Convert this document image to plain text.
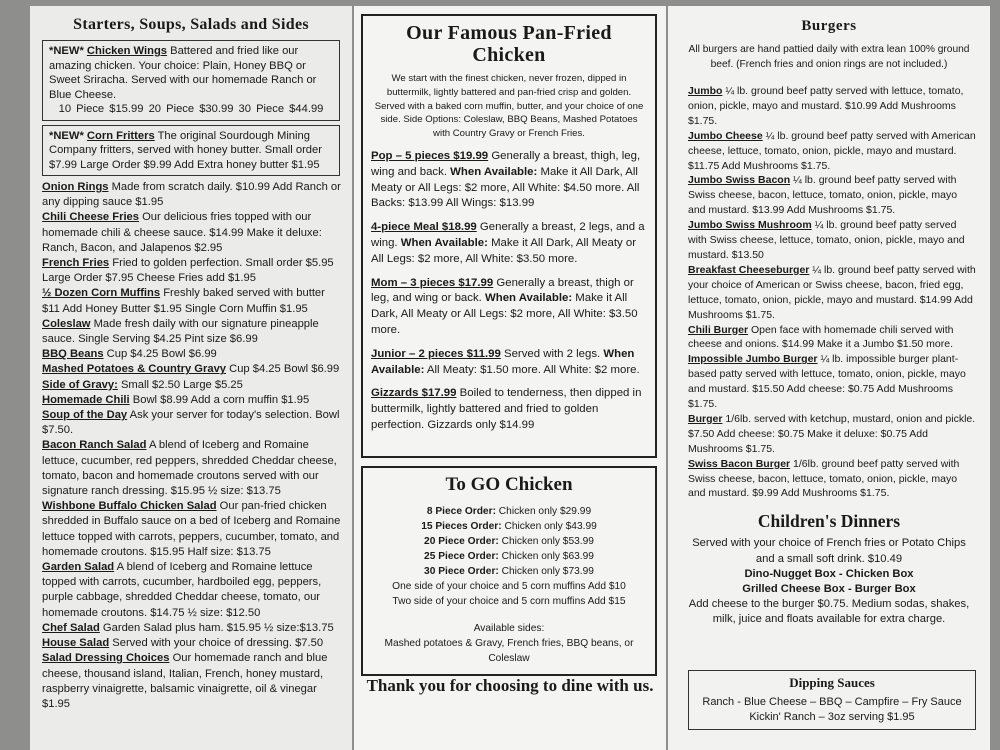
Starters, Soups, Salads and Sides
*NEW* Chicken Wings Battered and fried like our amazing chicken. Your choice: Plain, Honey BBQ or Sweet Sriracha. Served with our homemade Ranch or Blue Cheese.
10 Piece $15.99 20 Piece $30.99 30 Piece $44.99
*NEW* Corn Fritters The original Sourdough Mining Company fritters, served with honey butter. Small order $7.99 Large Order $9.99 Add Extra honey butter $1.95

Onion Rings Made from scratch daily. $10.99 Add Ranch or any dipping sauce $1.95

Chili Cheese Fries Our delicious fries topped with our homemade chili & cheese sauce. $14.99 Make it deluxe: Ranch, Bacon, and Jalapenos $2.95

French Fries Fried to golden perfection. Small order $5.95 Large Order $7.95 Cheese Fries add $1.95

½ Dozen Corn Muffins Freshly baked served with butter $11 Add Honey Butter $1.95 Single Corn Muffin $1.95

Coleslaw Made fresh daily with our signature pineapple sauce. Single Serving $4.25 Pint size $6.99

BBQ Beans Cup $4.25 Bowl $6.99

Mashed Potatoes & Country Gravy Cup $4.25 Bowl $6.99 Side of Gravy: Small $2.50 Large $5.25

Homemade Chili Bowl $8.99 Add a corn muffin $1.95

Soup of the Day Ask your server for today's selection. Bowl $7.50.

Bacon Ranch Salad A blend of Iceberg and Romaine lettuce, cucumber, red peppers, shredded Cheddar cheese, tomato, bacon and homemade croutons served with our signature ranch dressing. $15.95 ½ size: $13.75

Wishbone Buffalo Chicken Salad Our pan-fried chicken shredded in Buffalo sauce on a bed of Iceberg and Romaine lettuce topped with carrots, peppers, cucumber, tomato, and homemade croutons. $15.95 Half size: $13.75

Garden Salad A blend of Iceberg and Romaine lettuce topped with carrots, cucumber, hardboiled egg, peppers, purple cabbage, shredded Cheddar cheese, tomato, our homemade croutons. $14.75 ½ size: $12.50

Chef Salad Garden Salad plus ham. $15.95 ½ size:$13.75

House Salad Served with your choice of dressing. $7.50

Salad Dressing Choices Our homemade ranch and blue cheese, thousand island, Italian, French, honey mustard, raspberry vinaigrette, balsamic vinaigrette, oil & vinegar $1.95

Our Famous Pan-Fried Chicken

We start with the finest chicken, never frozen, dipped in buttermilk, lightly battered and pan-fried crisp and golden. Served with a baked corn muffin, butter, and your choice of one side. Side Options: Coleslaw, BBQ Beans, Mashed Potatoes with Country Gravy or French Fries.

Pop – 5 pieces $19.99 Generally a breast, thigh, leg, wing and back. When Available: Make it All Dark, All Meaty or All Legs: $2 more, All White: $4.50 more. All Backs: $13.99 All Wings: $13.99

4-piece Meal $18.99 Generally a breast, 2 legs, and a wing. When Available: Make it All Dark, All Meaty or All Legs: $2 more, All White: $3.50 more.

Mom – 3 pieces $17.99 Generally a breast, thigh or leg, and wing or back. When Available: Make it All Dark, All Meaty or All Legs: $2 more, All White: $3.50 more.

Junior – 2 pieces $11.99 Served with 2 legs. When Available: All Meaty: $1.50 more. All White: $2 more.

Gizzards $17.99 Boiled to tenderness, then dipped in buttermilk, lightly battered and fried to golden perfection. Gizzards only $14.99

To GO Chicken
8 Piece Order: Chicken only $29.99
15 Pieces Order: Chicken only $43.99
20 Piece Order: Chicken only $53.99
25 Piece Order: Chicken only $63.99
30 Piece Order: Chicken only $73.99
One side of your choice and 5 corn muffins Add $10
Two side of your choice and 5 corn muffins Add $15
Available sides:
Mashed potatoes & Gravy, French fries, BBQ beans, or Coleslaw
Thank you for choosing to dine with us.
Burgers

All burgers are hand pattied daily with extra lean 100% ground beef. (French fries and onion rings are not included.)

Jumbo ¼ lb. ground beef patty served with lettuce, tomato, onion, pickle, mayo and mustard. $10.99 Add Mushrooms $1.75.

Jumbo Cheese ¼ lb. ground beef patty served with American cheese, lettuce, tomato, onion, pickle, mayo and mustard. $11.75 Add Mushrooms $1.75.

Jumbo Swiss Bacon ¼ lb. ground beef patty served with Swiss cheese, bacon, lettuce, tomato, onion, pickle, mayo and mustard. $13.99 Add Mushrooms $1.75.

Jumbo Swiss Mushroom ¼ lb. ground beef patty served with Swiss cheese, lettuce, tomato, onion, pickle, mayo and mustard. $13.50

Breakfast Cheeseburger ¼ lb. ground beef patty served with your choice of American or Swiss cheese, bacon, fried egg, lettuce, tomato, onion, pickle, mayo and mustard. $14.99 Add Mushrooms $1.75.

Chili Burger Open face with homemade chili served with cheese and onions. $14.99 Make it a Jumbo $1.50 more.

Impossible Jumbo Burger ¼ lb. impossible burger plant-based patty served with lettuce, tomato, onion, pickle, mayo and mustard. $15.50 Add cheese: $0.75 Add Mushrooms $1.75.

Burger 1/6lb. served with ketchup, mustard, onion and pickle. $7.50 Add cheese: $0.75 Make it deluxe: $0.75 Add Mushrooms $1.75.

Swiss Bacon Burger 1/6lb. ground beef patty served with Swiss cheese, bacon, lettuce, tomato, onion, pickle, mayo and mustard. $9.99 Add Mushrooms $1.75.

Children's Dinners
Served with your choice of French fries or Potato Chips and a small soft drink. $10.49
Dino-Nugget Box - Chicken Box
Grilled Cheese Box - Burger Box
Add cheese to the burger $0.75. Medium sodas, shakes, milk, juice and floats available for extra charge.
Dipping Sauces
Ranch - Blue Cheese – BBQ – Campfire – Fry Sauce
Kickin' Ranch – 3oz serving $1.95
